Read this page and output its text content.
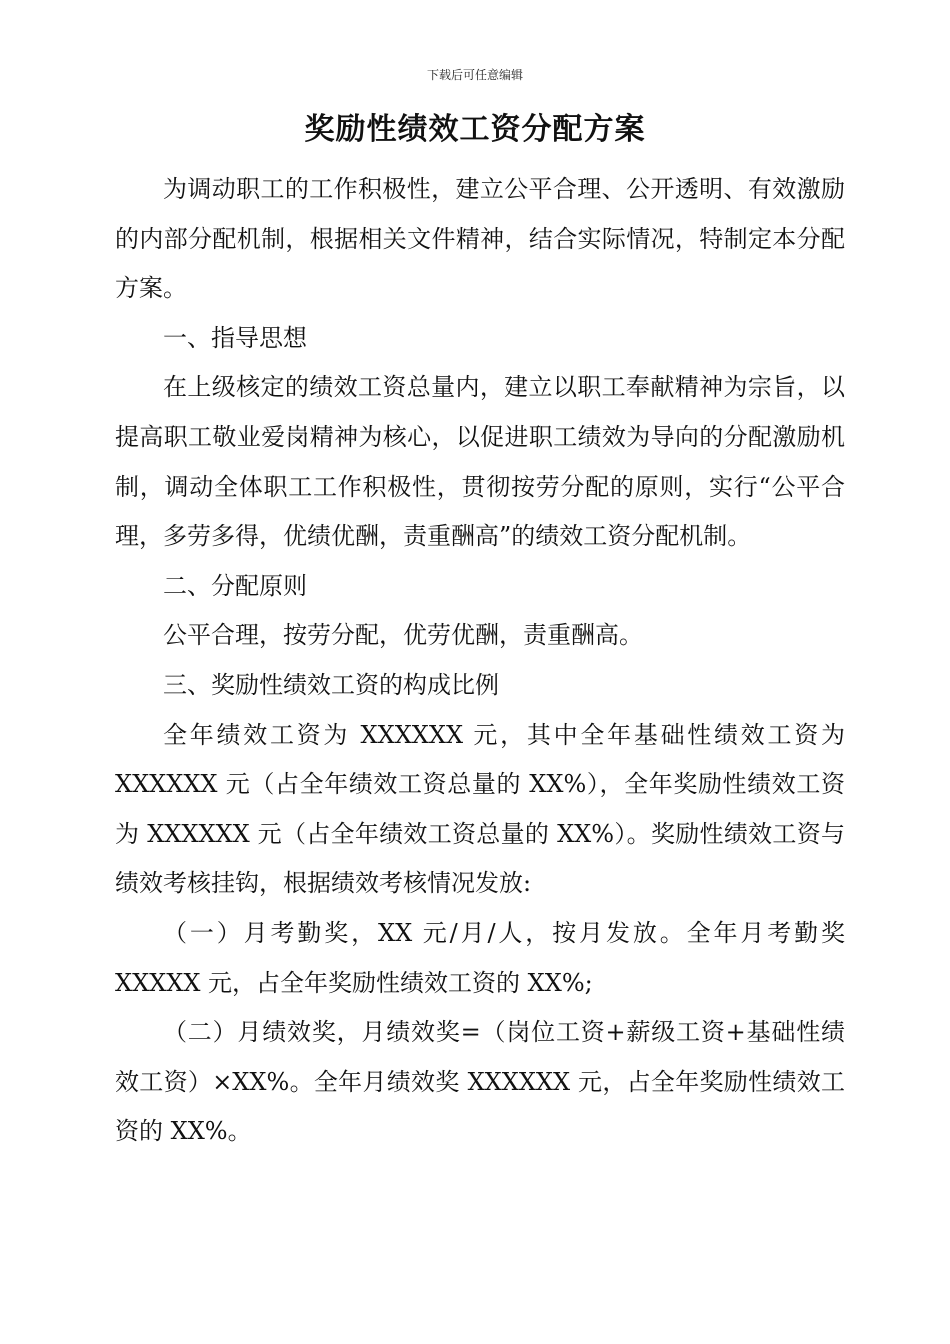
下载后可任意编辑
奖励性绩效工资分配方案

为调动职工的工作积极性，建立公平合理、公开透明、有效激励的内部分配机制，根据相关文件精神，结合实际情况，特制定本分配方案。

一、指导思想

在上级核定的绩效工资总量内，建立以职工奉献精神为宗旨，以提高职工敬业爱岗精神为核心，以促进职工绩效为导向的分配激励机制，调动全体职工工作积极性，贯彻按劳分配的原则，实行“公平合理，多劳多得，优绩优酬，责重酬高”的绩效工资分配机制。

二、分配原则

公平合理，按劳分配，优劳优酬，责重酬高。

三、奖励性绩效工资的构成比例

全年绩效工资为 XXXXXX 元，其中全年基础性绩效工资为 XXXXXX 元（占全年绩效工资总量的 XX%），全年奖励性绩效工资为 XXXXXX 元（占全年绩效工资总量的 XX%）。奖励性绩效工资与绩效考核挂钩，根据绩效考核情况发放:

（一）月考勤奖，XX 元/月/人，按月发放。全年月考勤奖 XXXXX 元，占全年奖励性绩效工资的 XX%;

（二）月绩效奖，月绩效奖=（岗位工资+薪级工资+基础性绩效工资）×XX%。全年月绩效奖 XXXXXX 元，占全年奖励性绩效工资的 XX%。
